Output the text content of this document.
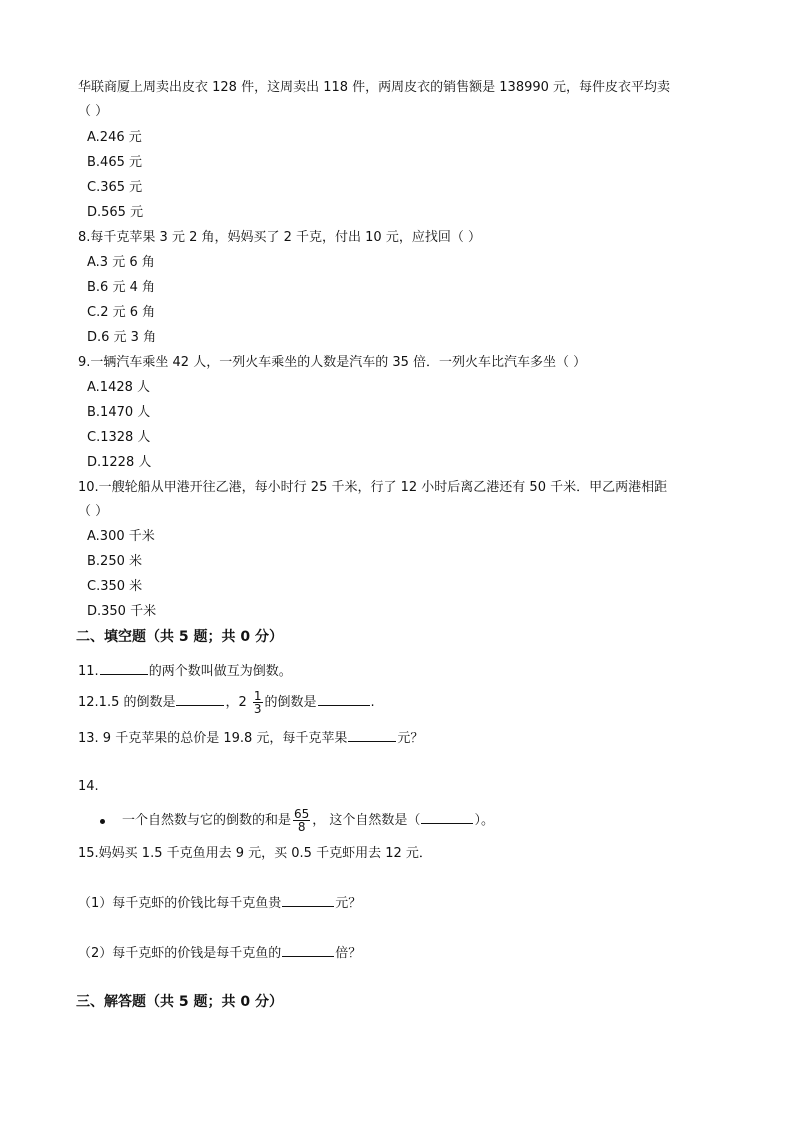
华联商厦上周卖出皮衣 128 件，这周卖出 118 件，两周皮衣的销售额是 138990 元，每件皮衣平均卖
（ ）
A.246 元
B.465 元
C.365 元
D.565 元
8.每千克苹果 3 元 2 角，妈妈买了 2 千克，付出 10 元，应找回（ ）
A.3 元 6 角
B.6 元 4 角
C.2 元 6 角
D.6 元 3 角
9.一辆汽车乘坐 42 人，一列火车乘坐的人数是汽车的 35 倍．一列火车比汽车多坐（ ）
A.1428 人
B.1470 人
C.1328 人
D.1228 人
10.一艘轮船从甲港开往乙港，每小时行 25 千米，行了 12 小时后离乙港还有 50 千米．甲乙两港相距
（ ）
A.300 千米
B.250 米
C.350 米
D.350 千米
二、填空题（共 5 题；共 0 分）
11.	的两个数叫做互为倒数。
12.1.5 的倒数是	，$2 \frac{1}{3}$ 的倒数是	.
13. 9 千克苹果的总价是 19.8 元，每千克苹果	元？
14.
一个自然数与它的倒数的和是 $\frac{65}{8}$ ， 这个自然数是（	）。
15.妈妈买 1.5 千克鱼用去 9 元，买 0.5 千克虾用去 12 元．
（1）每千克虾的价钱比每千克鱼贵	元？
（2）每千克虾的价钱是每千克鱼的	倍？
三、解答题（共 5 题；共 0 分）
